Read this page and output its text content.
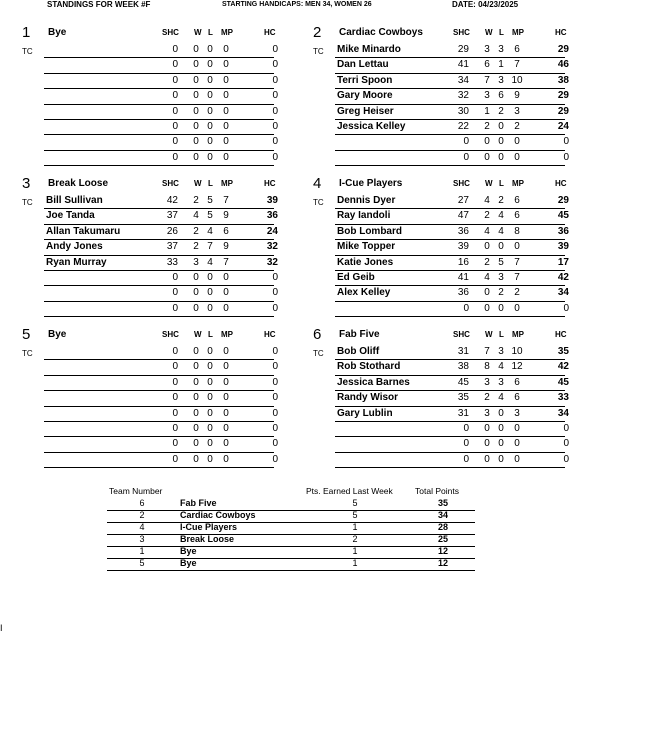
STANDINGS FOR WEEK #F	STARTING HANDICAPS: MEN 34, WOMEN 26	DATE: 04/23/2025
1 Bye	SHC W L MP	HC
TC	0 0 0	0	0
0 0 0	0	0
0 0 0	0	0
0 0 0	0	0
0 0 0	0	0
0 0 0	0	0
0 0 0	0	0
0 0 0	0	0
2 Cardiac Cowboys	SHC W L MP	HC
TC Mike Minardo	29 3 3	6	29
Dan Lettau	41 6 1	7	46
Terri Spoon	34 7 3 10	38
Gary Moore	32 3 6	9	29
Greg Heiser	30 1 2	3	29
Jessica Kelley	22 2 0	2	24
0 0 0	0	0
0 0 0	0	0
3 Break Loose	SHC W L MP	HC
TC Bill Sullivan	42 2 5	7	39
Joe Tanda	37 4 5	9	36
Allan Takumaru	26 2 4	6	24
Andy Jones	37 2 7	9	32
Ryan Murray	33 3 4	7	32
0 0 0	0	0
0 0 0	0	0
0 0 0	0	0
4 I-Cue Players	SHC W L MP	HC
TC Dennis Dyer	27 4 2	6	29
Ray Iandoli	47 2 4	6	45
Bob Lombard	36 4 4	8	36
Mike Topper	39 0 0	0	39
Katie Jones	16 2 5	7	17
Ed Geib	41 4 3	7	42
Alex Kelley	36 0 2	2	34
0 0 0	0	0
5 Bye	SHC W L MP	HC
TC	0 0 0	0	0
0 0 0	0	0
0 0 0	0	0
0 0 0	0	0
0 0 0	0	0
0 0 0	0	0
0 0 0	0	0
0 0 0	0	0
6 Fab Five	SHC W L MP	HC
TC Bob Oliff	31 7 3 10	35
Rob Stothard	38 8 4 12	42
Jessica Barnes	45 3 3	6	45
Randy Wisor	35 2 4	6	33
Gary Lublin	31 3 0	3	34
0 0 0	0	0
0 0 0	0	0
0 0 0	0	0
Team Number	Pts. Earned Last Week	Total Points
6	Fab Five	5	35
2	Cardiac Cowboys	5	34
4	I-Cue Players	1	28
3	Break Loose	2	25
1	Bye	1	12
5	Bye	1	12
I
